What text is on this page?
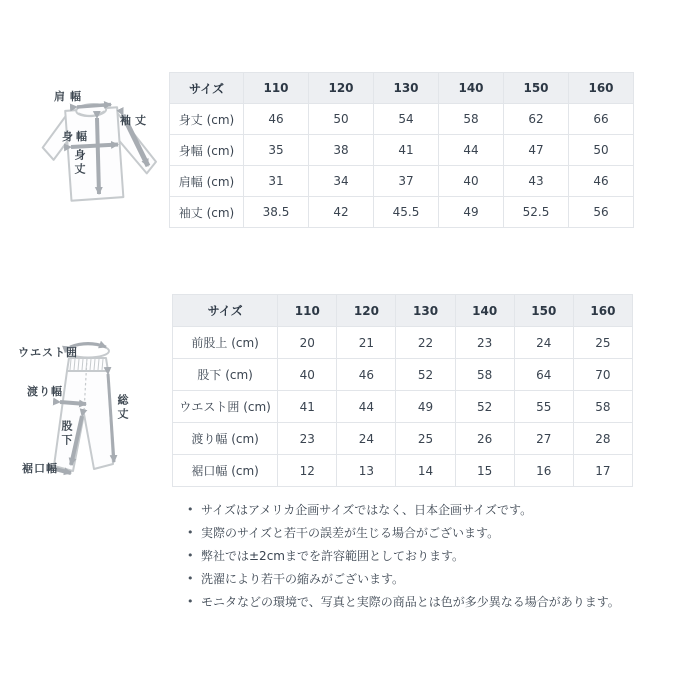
肩幅
袖丈
身幅
身丈
ウエスト囲
渡り幅
総丈
股下
裾口幅
サイズ	110	120	130	140	150	160
身丈 (cm)	46	50	54	58	62	66
身幅 (cm)	35	38	41	44	47	50
肩幅 (cm)	31	34	37	40	43	46
袖丈 (cm)	38.5	42	45.5	49	52.5	56
サイズ	110	120	130	140	150	160
前股上 (cm)	20	21	22	23	24	25
股下 (cm)	40	46	52	58	64	70
ウエスト囲 (cm)	41	44	49	52	55	58
渡り幅 (cm)	23	24	25	26	27	28
裾口幅 (cm)	12	13	14	15	16	17
• サイズはアメリカ企画サイズではなく、日本企画サイズです。
• 実際のサイズと若干の誤差が生じる場合がございます。
• 弊社では±2cmまでを許容範囲としております。
• 洗濯により若干の縮みがございます。
• モニタなどの環境で、写真と実際の商品とは色が多少異なる場合があります。
